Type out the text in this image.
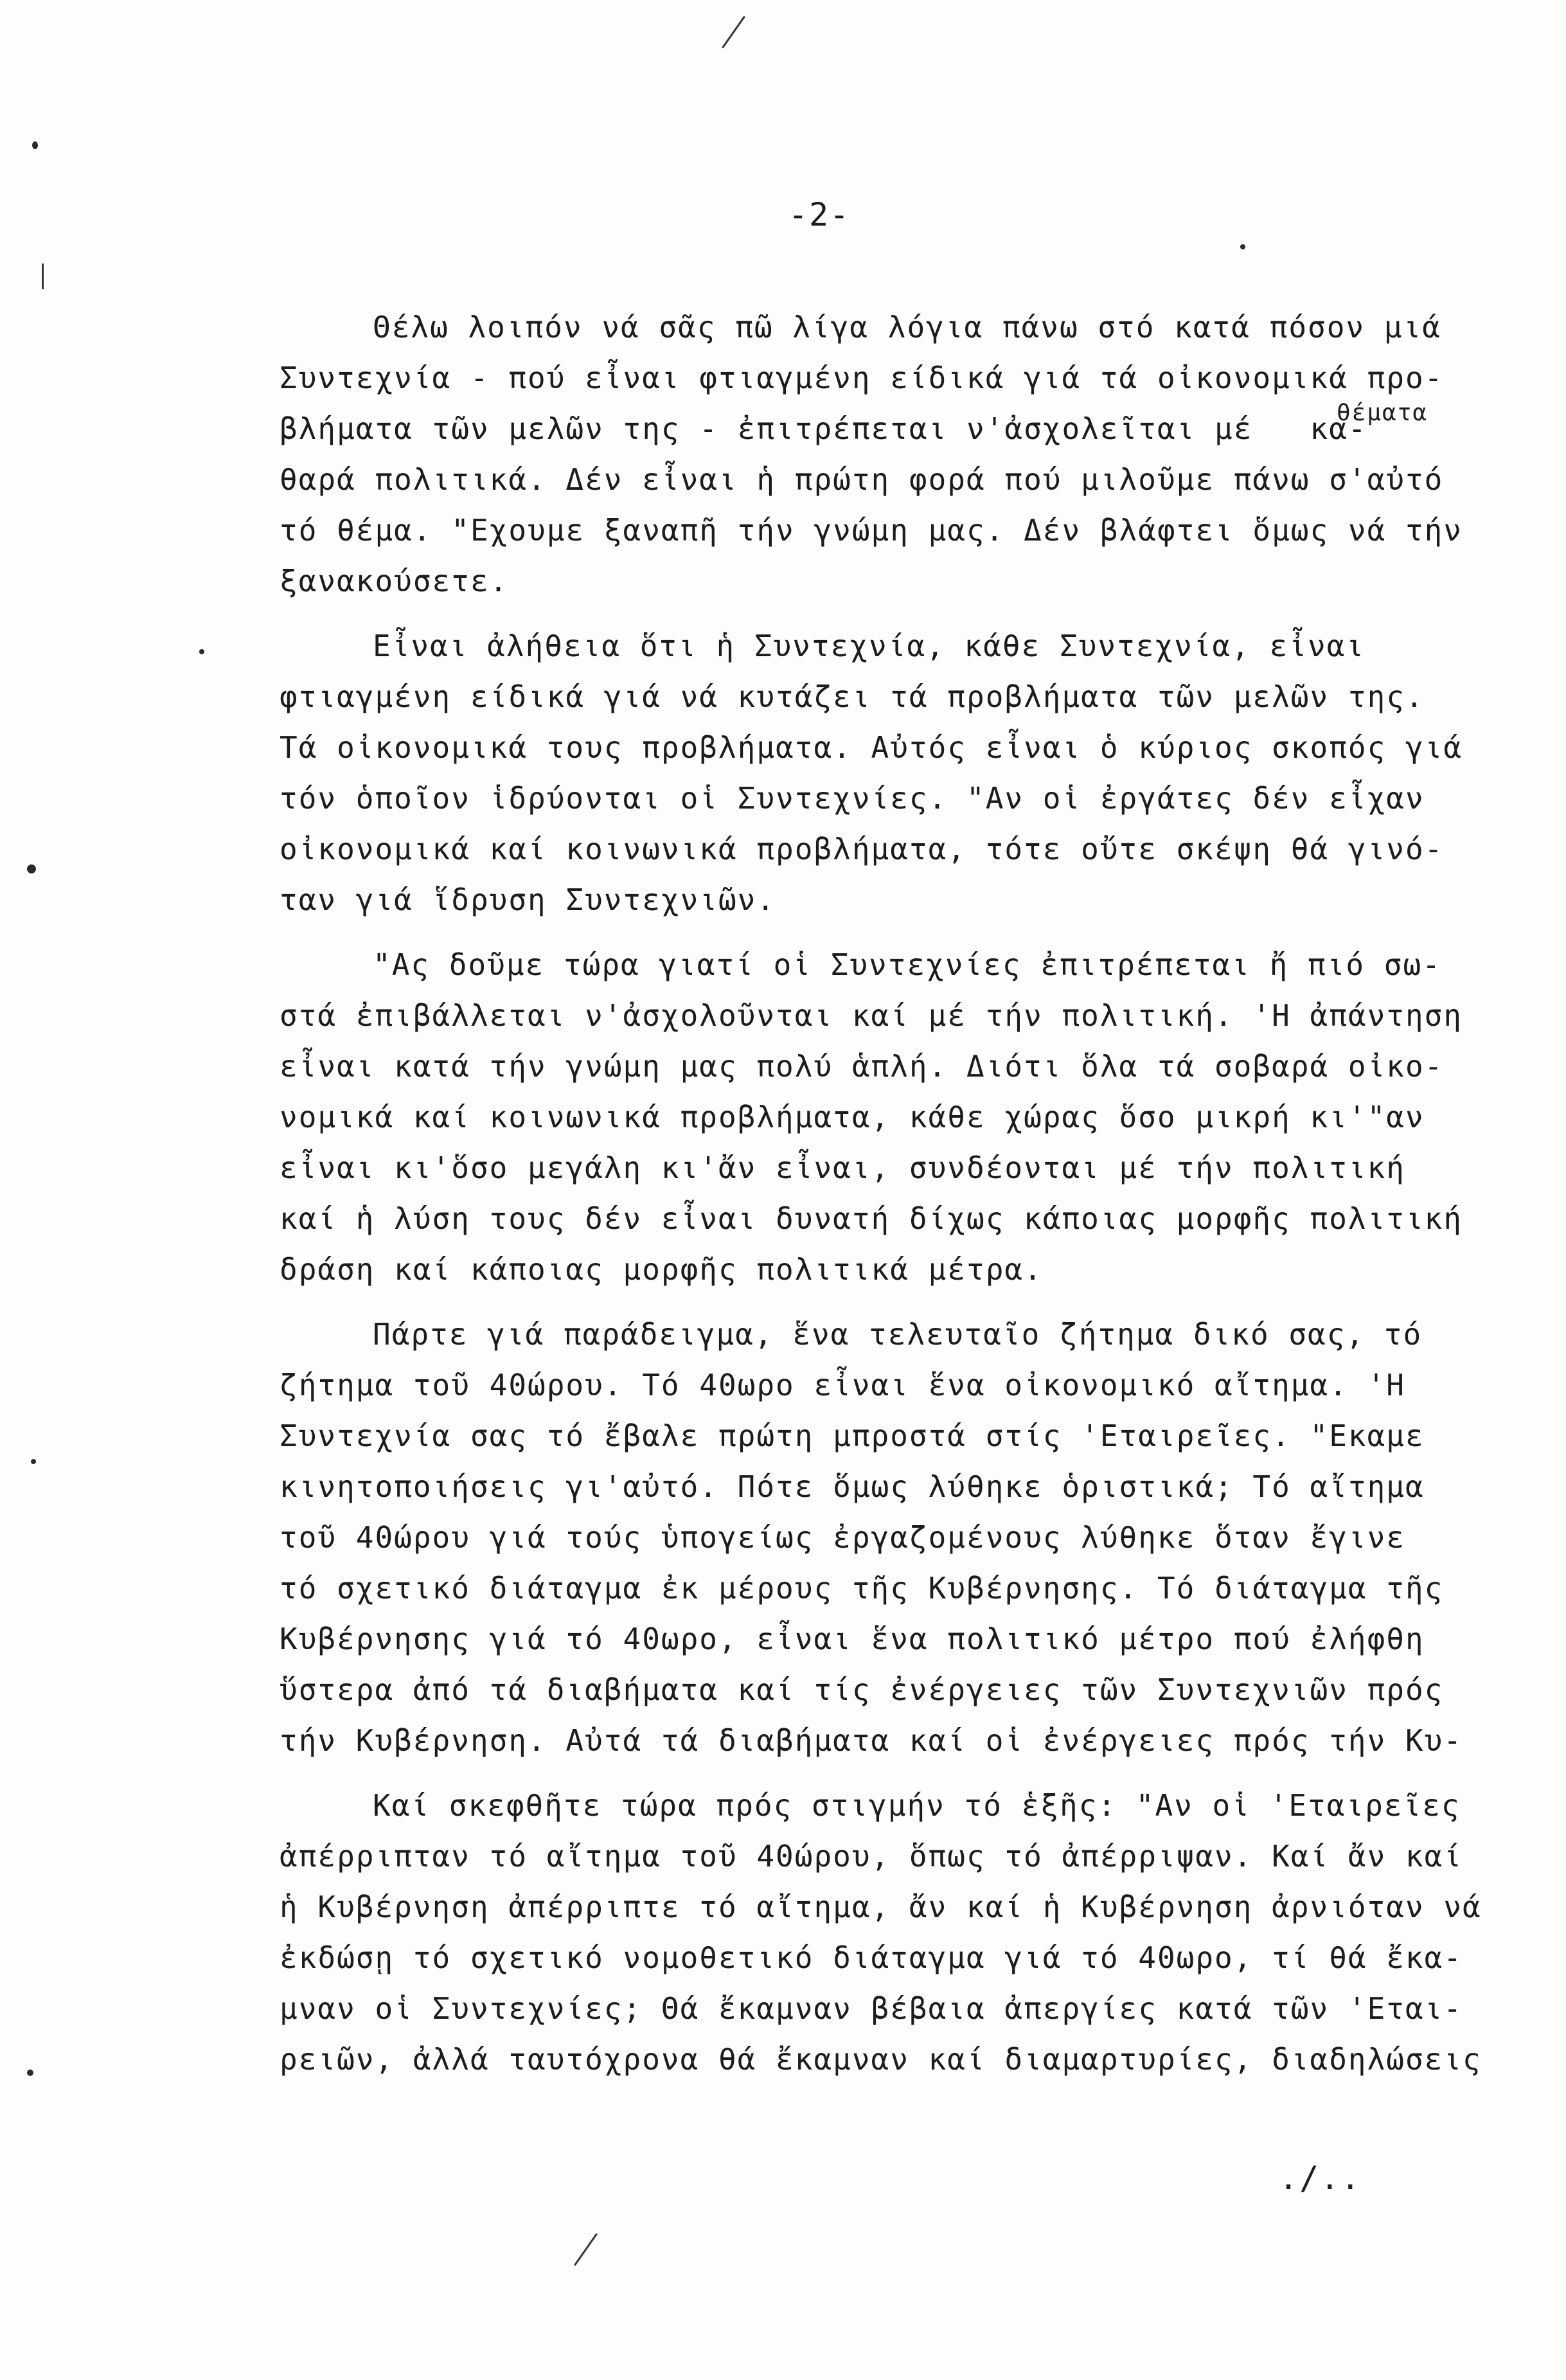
-2-
θέματα
Θέλω λοιπόν νά σᾶς πῶ λίγα λόγια πάνω στό κατά πόσον μιά
Συντεχνία - πού εἶναι φτιαγμένη είδικά γιά τά οἰκονομικά προ-
βλήματα τῶν μελῶν της - ἐπιτρέπεται ν'ἀσχολεῖται μέ   κα-
θαρά πολιτικά. Δέν εἶναι ἡ πρώτη φορά πού μιλοῦμε πάνω σ'αὐτό
τό θέμα. "Εχουμε ξαναπῆ τήν γνώμη μας. Δέν βλάφτει ὅμως νά τήν
ξανακούσετε.
Εἶναι ἀλήθεια ὅτι ἡ Συντεχνία, κάθε Συντεχνία, εἶναι
φτιαγμένη είδικά γιά νά κυτάζει τά προβλήματα τῶν μελῶν της.
Τά οἰκονομικά τους προβλήματα. Αὐτός εἶναι ὁ κύριος σκοπός γιά
τόν ὁποῖον ἱδρύονται οἱ Συντεχνίες. "Αν οἱ ἐργάτες δέν εἶχαν
οἰκονομικά καί κοινωνικά προβλήματα, τότε οὔτε σκέψη θά γινό-
ταν γιά ἵδρυση Συντεχνιῶν.
"Ας δοῦμε τώρα γιατί οἱ Συντεχνίες ἐπιτρέπεται ἤ πιό σω-
στά ἐπιβάλλεται ν'ἀσχολοῦνται καί μέ τήν πολιτική. 'Η ἀπάντηση
εἶναι κατά τήν γνώμη μας πολύ ἁπλή. Διότι ὅλα τά σοβαρά οἰκο-
νομικά καί κοινωνικά προβλήματα, κάθε χώρας ὅσο μικρή κι'"αν
εἶναι κι'ὅσο μεγάλη κι'ἄν εἶναι, συνδέονται μέ τήν πολιτική
καί ἡ λύση τους δέν εἶναι δυνατή δίχως κάποιας μορφῆς πολιτική
δράση καί κάποιας μορφῆς πολιτικά μέτρα.
Πάρτε γιά παράδειγμα, ἕνα τελευταῖο ζήτημα δικό σας, τό
ζήτημα τοῦ 40ώρου. Τό 40ωρο εἶναι ἕνα οἰκονομικό αἴτημα. 'Η
Συντεχνία σας τό ἔβαλε πρώτη μπροστά στίς 'Εταιρεῖες. "Εκαμε
κινητοποιήσεις γι'αὐτό. Πότε ὅμως λύθηκε ὁριστικά; Τό αἴτημα
τοῦ 40ώρου γιά τούς ὑπογείως ἐργαζομένους λύθηκε ὅταν ἔγινε
τό σχετικό διάταγμα ἐκ μέρους τῆς Κυβέρνησης. Τό διάταγμα τῆς
Κυβέρνησης γιά τό 40ωρο, εἶναι ἕνα πολιτικό μέτρο πού ἐλήφθη
ὕστερα ἀπό τά διαβήματα καί τίς ἐνέργειες τῶν Συντεχνιῶν πρός
τήν Κυβέρνηση. Αὐτά τά διαβήματα καί οἱ ἐνέργειες πρός τήν Κυ-
Καί σκεφθῆτε τώρα πρός στιγμήν τό ἑξῆς: "Αν οἱ 'Εταιρεῖες
ἀπέρριπταν τό αἴτημα τοῦ 40ώρου, ὅπως τό ἀπέρριψαν. Καί ἄν καί
ἡ Κυβέρνηση ἀπέρριπτε τό αἴτημα, ἄν καί ἡ Κυβέρνηση ἀρνιόταν νά
ἐκδώσῃ τό σχετικό νομοθετικό διάταγμα γιά τό 40ωρο, τί θά ἔκα-
μναν οἱ Συντεχνίες; Θά ἔκαμναν βέβαια ἀπεργίες κατά τῶν 'Εται-
ρειῶν, ἀλλά ταυτόχρονα θά ἔκαμναν καί διαμαρτυρίες, διαδηλώσεις
./..
